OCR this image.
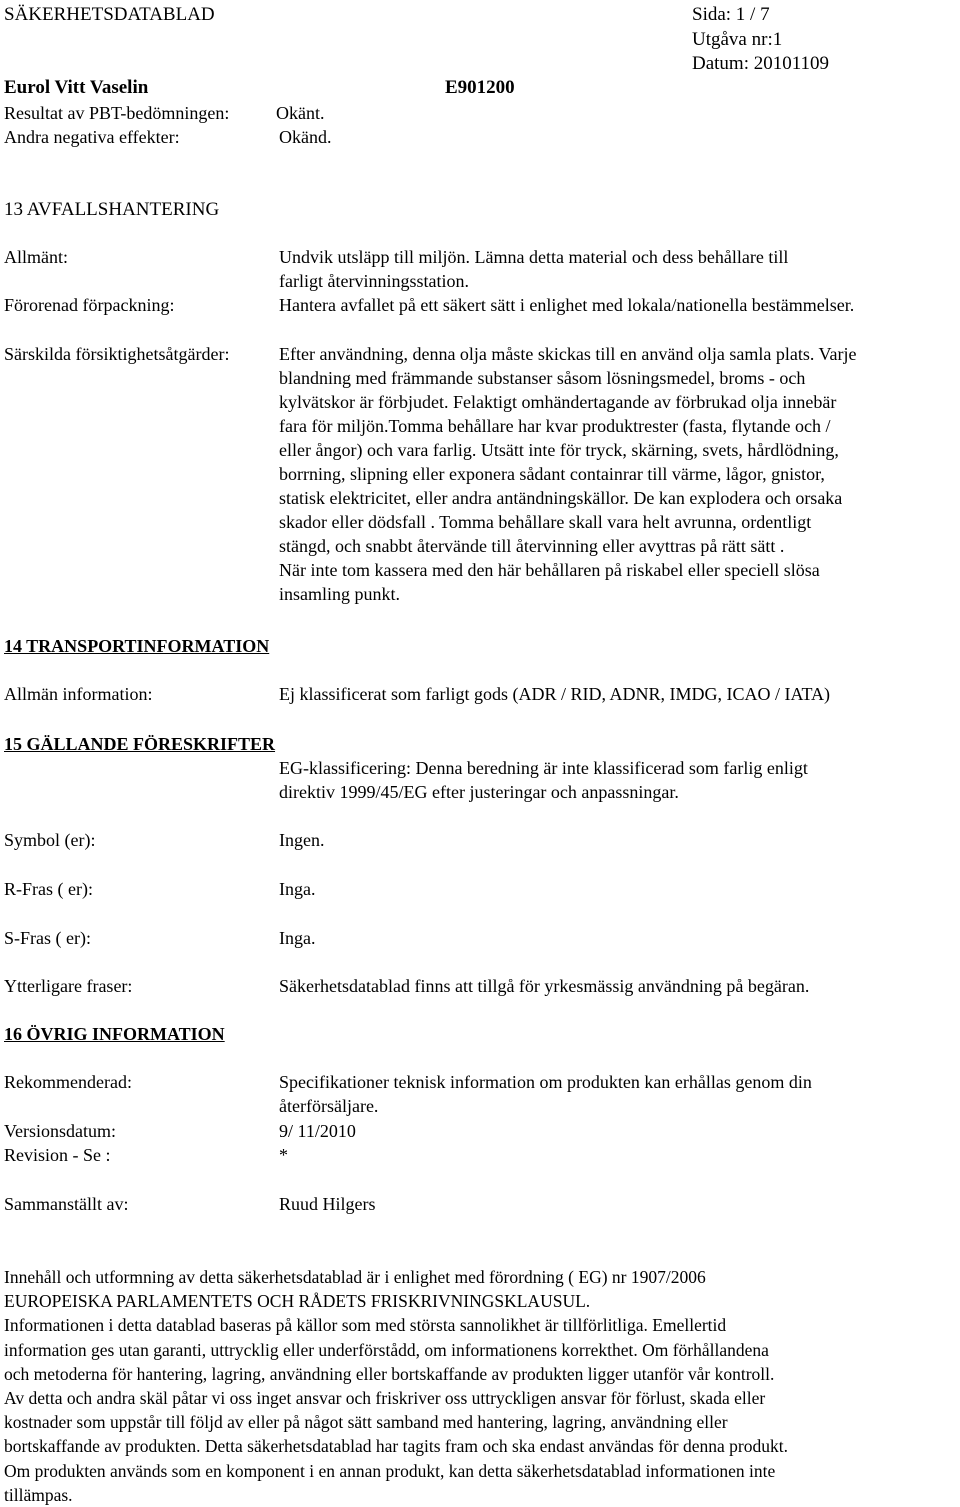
SÄKERHETSDATABLAD	Sida: 1 / 7
Utgåva nr:1
Datum: 20101109
Eurol Vitt Vaselin	E901200
Resultat av PBT-bedömningen:	Okänt.
Andra negativa effekter:	Okänd.
13 AVFALLSHANTERING
Allmänt:	Undvik utsläpp till miljön. Lämna detta material och dess behållare till
farligt återvinningsstation.
Förorenad förpackning:	Hantera avfallet på ett säkert sätt i enlighet med lokala/nationella bestämmelser.
Särskilda försiktighetsåtgärder:	Efter användning, denna olja måste skickas till en använd olja samla plats. Varje
blandning med främmande substanser såsom lösningsmedel, broms - och
kylvätskor är förbjudet. Felaktigt omhändertagande av förbrukad olja innebär
fara för miljön.Tomma behållare har kvar produktrester (fasta, flytande och /
eller ångor) och vara farlig. Utsätt inte för tryck, skärning, svets, hårdlödning,
borrning, slipning eller exponera sådant containrar till värme, lågor, gnistor,
statisk elektricitet, eller andra antändningskällor. De kan explodera och orsaka
skador eller dödsfall . Tomma behållare skall vara helt avrunna, ordentligt
stängd, och snabbt återvände till återvinning eller avyttras på rätt sätt .
När inte tom kassera med den här behållaren på riskabel eller speciell slösa
insamling punkt.
14 TRANSPORTINFORMATION
Allmän information:	Ej klassificerat som farligt gods (ADR / RID, ADNR, IMDG, ICAO / IATA)
15 GÄLLANDE FÖRESKRIFTER
EG-klassificering: Denna beredning är inte klassificerad som farlig enligt
direktiv 1999/45/EG efter justeringar och anpassningar.
Symbol (er):	Ingen.
R-Fras ( er):	Inga.
S-Fras ( er):	Inga.
Ytterligare fraser:	Säkerhetsdatablad finns att tillgå för yrkesmässig användning på begäran.
16 ÖVRIG INFORMATION
Rekommenderad:	Specifikationer teknisk information om produkten kan erhållas genom din
återförsäljare.
Versionsdatum:	9/ 11/2010
Revision - Se :	*
Sammanställt av:	Ruud Hilgers
Innehåll och utformning av detta säkerhetsdatablad är i enlighet med förordning ( EG) nr 1907/2006
EUROPEISKA PARLAMENTETS OCH RÅDETS FRISKRIVNINGSKLAUSUL.
Informationen i detta datablad baseras på källor som med största sannolikhet är tillförlitliga. Emellertid
information ges utan garanti, uttrycklig eller underförstådd, om informationens korrekthet. Om förhållandena
och metoderna för hantering, lagring, användning eller bortskaffande av produkten ligger utanför vår kontroll.
Av detta och andra skäl påtar vi oss inget ansvar och friskriver oss uttryckligen ansvar för förlust, skada eller
kostnader som uppstår till följd av eller på något sätt samband med hantering, lagring, användning eller
bortskaffande av produkten. Detta säkerhetsdatablad har tagits fram och ska endast användas för denna produkt.
Om produkten används som en komponent i en annan produkt, kan detta säkerhetsdatablad informationen inte
tillämpas.
